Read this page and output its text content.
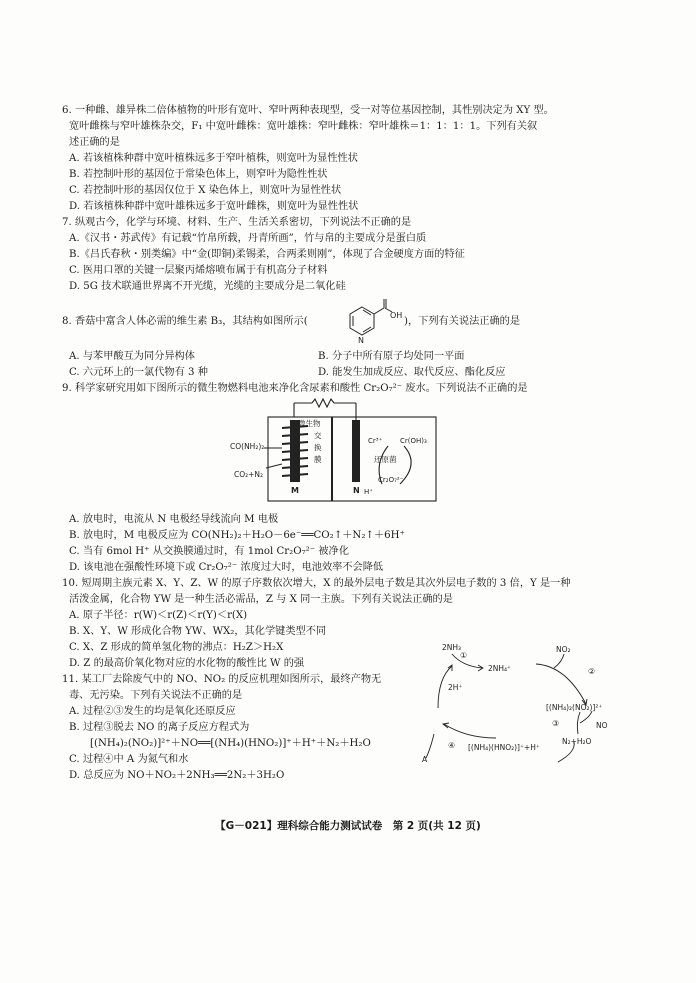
6. 一种雌、雄异株二倍体植物的叶形有宽叶、窄叶两种表现型，受一对等位基因控制，其性别决定为 XY 型。
宽叶雌株与窄叶雄株杂交，F₁ 中宽叶雌株：宽叶雄株：窄叶雌株：窄叶雄株＝1：1：1：1。下列有关叙
述正确的是
A. 若该植株种群中宽叶植株远多于窄叶植株，则宽叶为显性性状
B. 若控制叶形的基因位于常染色体上，则窄叶为隐性性状
C. 若控制叶形的基因仅位于 X 染色体上，则宽叶为显性性状
D. 若该植株种群中宽叶雄株远多于宽叶雌株，则宽叶为显性性状
7. 纵观古今，化学与环境、材料、生产、生活关系密切，下列说法不正确的是
A.《汉书・苏武传》有记载“竹帛所载，丹青所画”，竹与帛的主要成分是蛋白质
B.《吕氏春秋・别类编》中“金(即铜)柔锡柔，合两柔则刚”，体现了合金硬度方面的特征
C. 医用口罩的关键一层聚丙烯熔喷布属于有机高分子材料
D. 5G 技术联通世界离不开光缆，光缆的主要成分是二氧化硅
8. 香菇中富含人体必需的维生素 B₃，其结构如图所示(
OH
N
)，下列有关说法正确的是
A. 与苯甲酸互为同分异构体	B. 分子中所有原子均处同一平面
C. 六元环上的一氯代物有 3 种	D. 能发生加成反应、取代反应、酯化反应
9. 科学家研究用如下图所示的微生物燃料电池来净化含尿素和酸性 Cr₂O₇²⁻ 废水。下列说法不正确的是
微生物
CO(NH₂)₂
CO₂+N₂
交
换
膜
M	N H⁺
Cr³⁺	Cr(OH)₃
还原菌
Cr₂O₇²⁻
A. 放电时，电流从 N 电极经导线流向 M 电极
B. 放电时，M 电极反应为 CO(NH₂)₂＋H₂O－6e⁻══CO₂↑＋N₂↑＋6H⁺
C. 当有 6mol H⁺ 从交换膜通过时，有 1mol Cr₂O₇²⁻ 被净化
D. 该电池在强酸性环境下或 Cr₂O₇²⁻ 浓度过大时，电池效率不会降低
10. 短周期主族元素 X、Y、Z、W 的原子序数依次增大，X 的最外层电子数是其次外层电子数的 3 倍，Y 是一种
活泼金属，化合物 YW 是一种生活必需品，Z 与 X 同一主族。下列有关说法正确的是
A. 原子半径：r(W)＜r(Z)＜r(Y)＜r(X)
B. X、Y、W 形成化合物 YW、WX₂，其化学键类型不同
C. X、Z 形成的简单氢化物的沸点：H₂Z＞H₂X
D. Z 的最高价氧化物对应的水化物的酸性比 W 的强
11. 某工厂去除废气中的 NO、NO₂ 的反应机理如图所示，最终产物无
毒、无污染。下列有关说法不正确的是
A. 过程②③发生的均是氧化还原反应
B. 过程③脱去 NO 的离子反应方程式为
[(NH₄)₂(NO₂)]²⁺＋NO══[(NH₄)(HNO₂)]⁺＋H⁺＋N₂＋H₂O
C. 过程④中 A 为氮气和水
D. 总反应为 NO＋NO₂＋2NH₃══2N₂＋3H₂O
2NH₃
①
2NH₄⁺
NO₂
②
2H⁺
[(NH₄)₂(NO₂)]²⁺
③	NO
N₂+H₂O
A
④ [(NH₄)(HNO₂)]⁺+H⁺
【G－021】理科综合能力测试试卷　第 2 页(共 12 页)
